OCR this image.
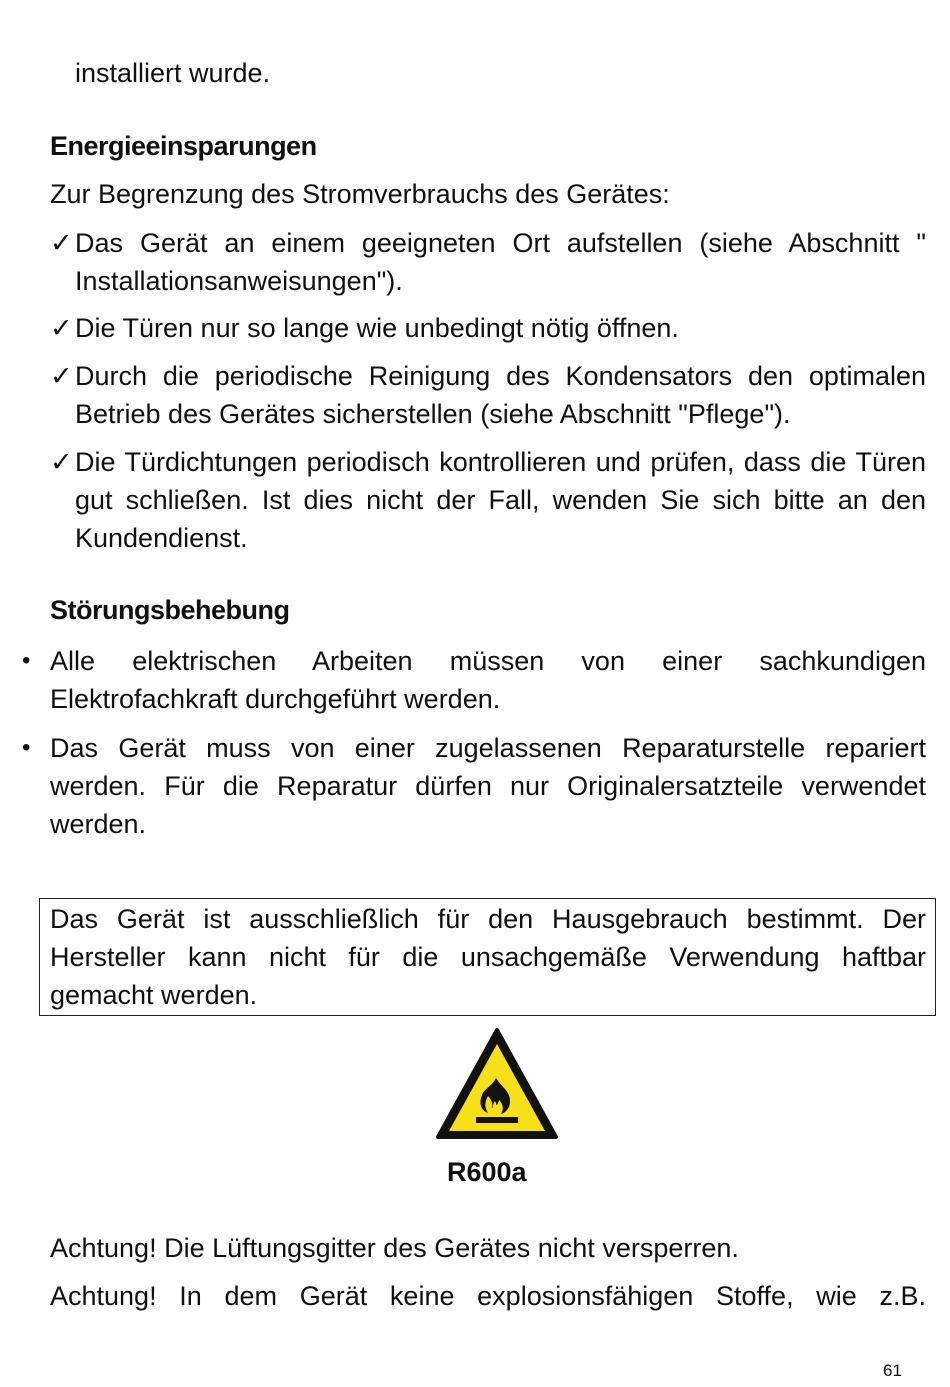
installiert wurde.
Energieeinsparungen
Zur Begrenzung des Stromverbrauchs des Gerätes:
✓ Das Gerät an einem geeigneten Ort aufstellen (siehe Abschnitt " Installationsanweisungen").
✓ Die Türen nur so lange wie unbedingt nötig öffnen.
✓ Durch die periodische Reinigung des Kondensators den optimalen Betrieb des Gerätes sicherstellen (siehe Abschnitt "Pflege").
✓ Die Türdichtungen periodisch kontrollieren und prüfen, dass die Türen gut schließen. Ist dies nicht der Fall, wenden Sie sich bitte an den Kundendienst.
Störungsbehebung
• Alle elektrischen Arbeiten müssen von einer sachkundigen Elektrofachkraft durchgeführt werden.
• Das Gerät muss von einer zugelassenen Reparaturstelle repariert werden. Für die Reparatur dürfen nur Originalersatzteile verwendet werden.
Das Gerät ist ausschließlich für den Hausgebrauch bestimmt. Der Hersteller kann nicht für die unsachgemäße Verwendung haftbar gemacht werden.
R600a
Achtung! Die Lüftungsgitter des Gerätes nicht versperren.
Achtung! In dem Gerät keine explosionsfähigen Stoffe, wie z.B.
61
